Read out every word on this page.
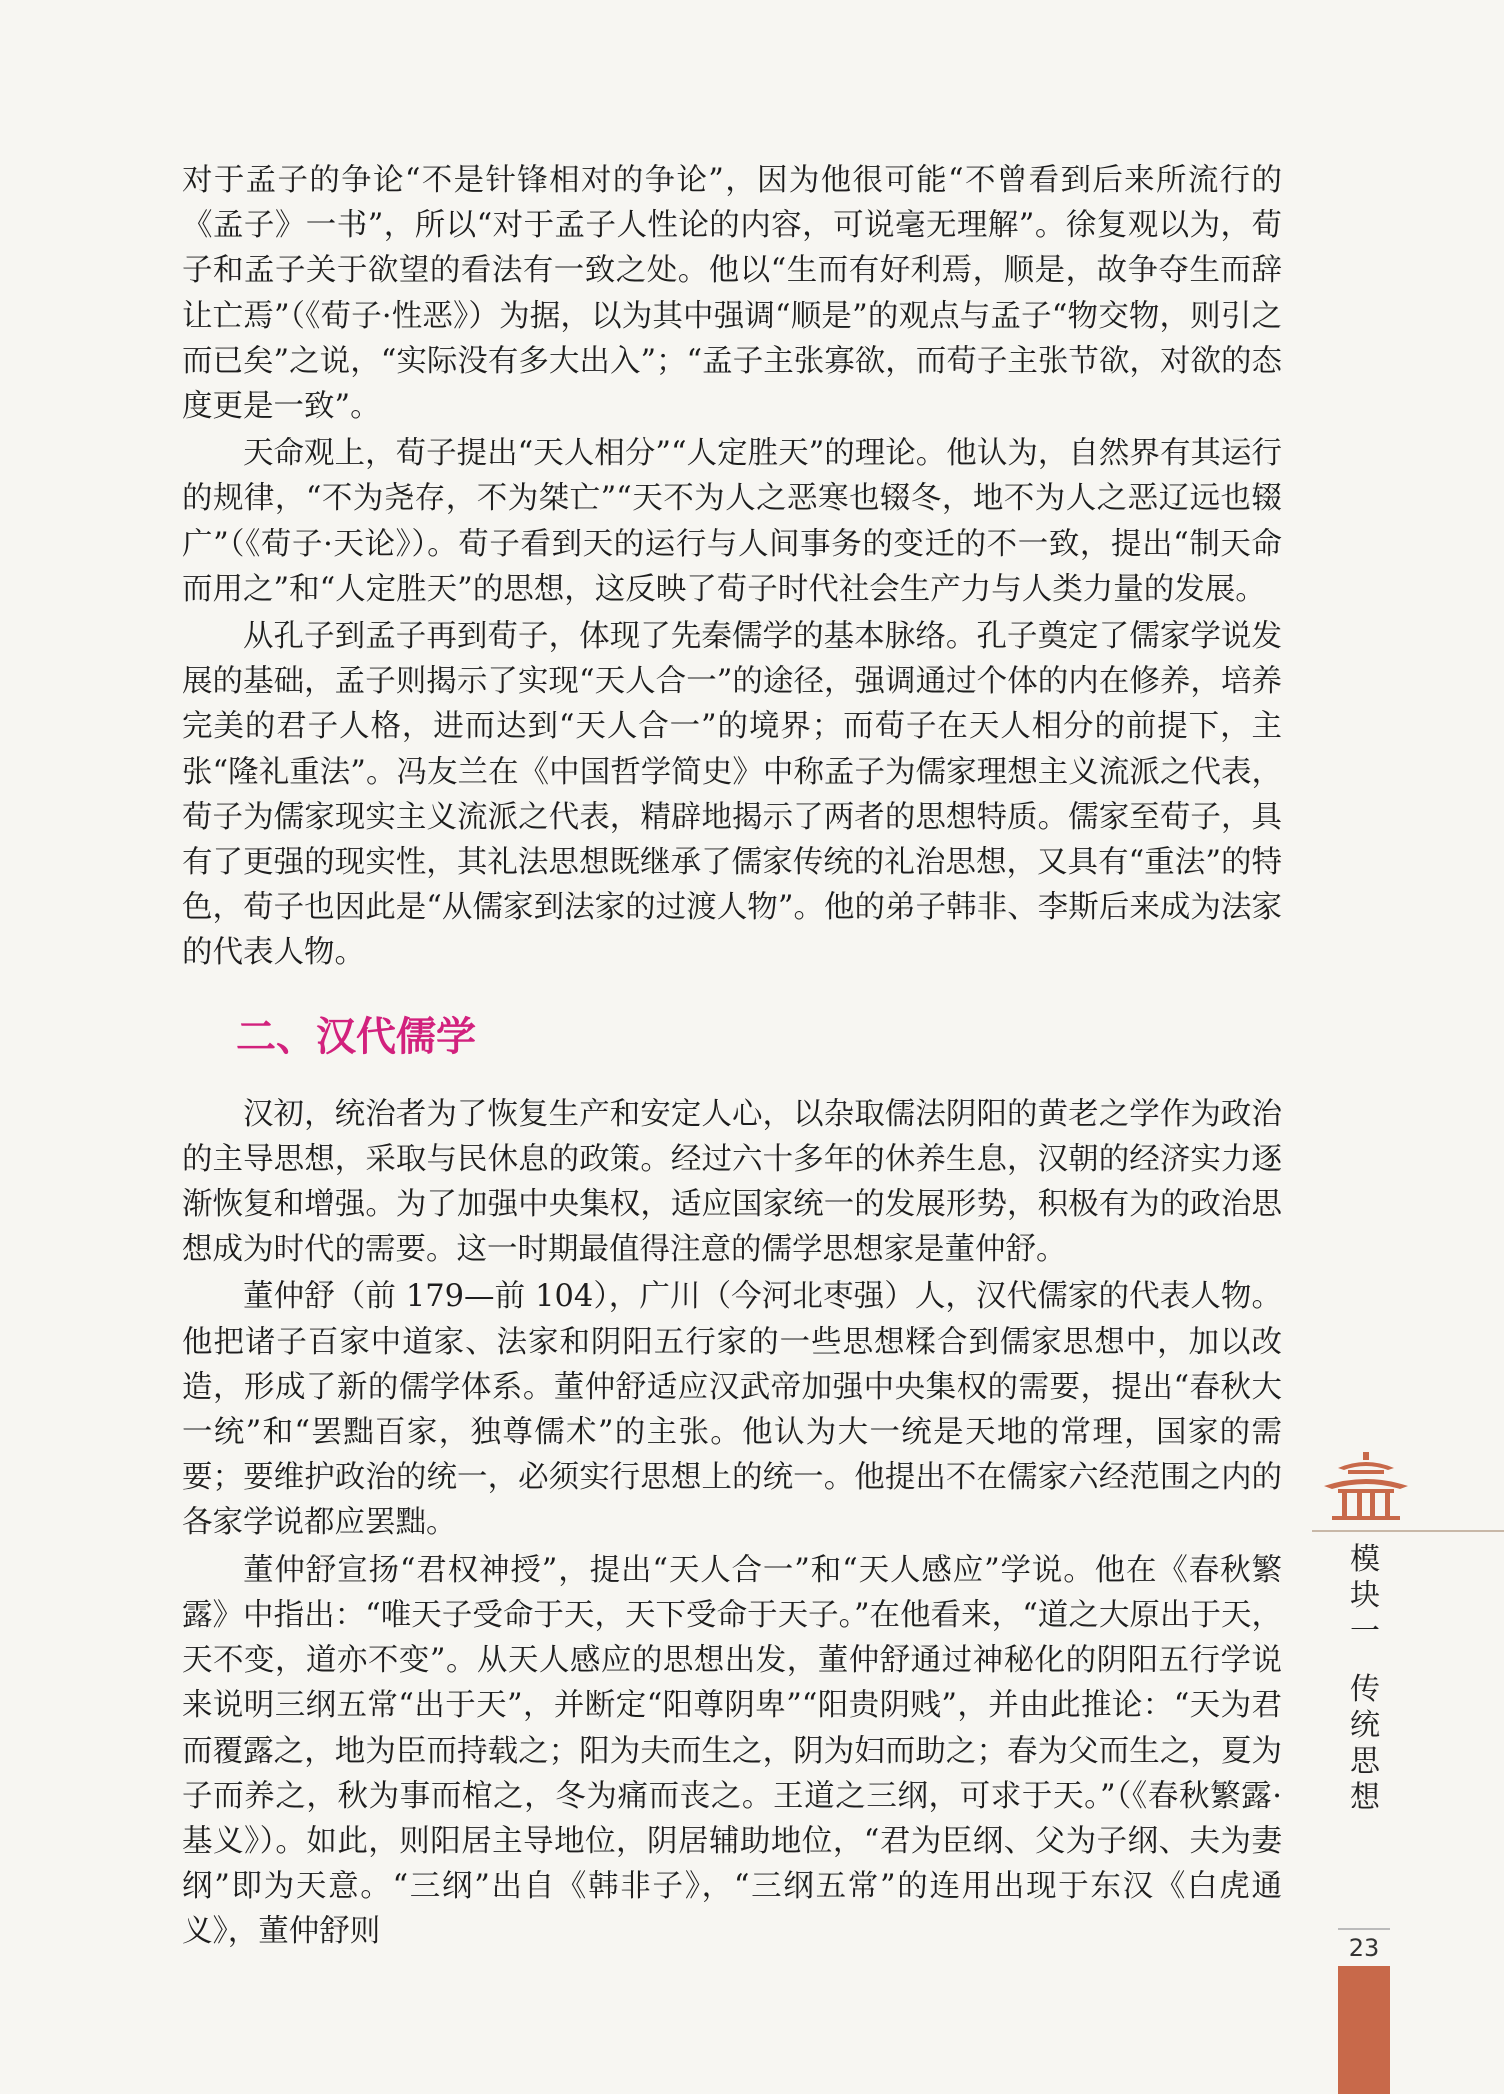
对于孟子的争论“不是针锋相对的争论”，因为他很可能“不曾看到后来所流行的《孟子》一书”，所以“对于孟子人性论的内容，可说毫无理解”。徐复观以为，荀子和孟子关于欲望的看法有一致之处。他以“生而有好利焉，顺是，故争夺生而辞让亡焉”（《荀子·性恶》）为据，以为其中强调“顺是”的观点与孟子“物交物，则引之而已矣”之说，“实际没有多大出入”；“孟子主张寡欲，而荀子主张节欲，对欲的态度更是一致”。

天命观上，荀子提出“天人相分”“人定胜天”的理论。他认为，自然界有其运行的规律，“不为尧存，不为桀亡”“天不为人之恶寒也辍冬，地不为人之恶辽远也辍广”（《荀子·天论》）。荀子看到天的运行与人间事务的变迁的不一致，提出“制天命而用之”和“人定胜天”的思想，这反映了荀子时代社会生产力与人类力量的发展。

从孔子到孟子再到荀子，体现了先秦儒学的基本脉络。孔子奠定了儒家学说发展的基础，孟子则揭示了实现“天人合一”的途径，强调通过个体的内在修养，培养完美的君子人格，进而达到“天人合一”的境界；而荀子在天人相分的前提下，主张“隆礼重法”。冯友兰在《中国哲学简史》中称孟子为儒家理想主义流派之代表，荀子为儒家现实主义流派之代表，精辟地揭示了两者的思想特质。儒家至荀子，具有了更强的现实性，其礼法思想既继承了儒家传统的礼治思想，又具有“重法”的特色，荀子也因此是“从儒家到法家的过渡人物”。他的弟子韩非、李斯后来成为法家的代表人物。

二、汉代儒学

汉初，统治者为了恢复生产和安定人心，以杂取儒法阴阳的黄老之学作为政治的主导思想，采取与民休息的政策。经过六十多年的休养生息，汉朝的经济实力逐渐恢复和增强。为了加强中央集权，适应国家统一的发展形势，积极有为的政治思想成为时代的需要。这一时期最值得注意的儒学思想家是董仲舒。

董仲舒（前 179—前 104），广川（今河北枣强）人，汉代儒家的代表人物。他把诸子百家中道家、法家和阴阳五行家的一些思想糅合到儒家思想中，加以改造，形成了新的儒学体系。董仲舒适应汉武帝加强中央集权的需要，提出“春秋大一统”和“罢黜百家，独尊儒术”的主张。他认为大一统是天地的常理，国家的需要；要维护政治的统一，必须实行思想上的统一。他提出不在儒家六经范围之内的各家学说都应罢黜。

董仲舒宣扬“君权神授”，提出“天人合一”和“天人感应”学说。他在《春秋繁露》中指出：“唯天子受命于天，天下受命于天子。”在他看来，“道之大原出于天，天不变，道亦不变”。从天人感应的思想出发，董仲舒通过神秘化的阴阳五行学说来说明三纲五常“出于天”，并断定“阳尊阴卑”“阳贵阴贱”，并由此推论：“天为君而覆露之，地为臣而持载之；阳为夫而生之，阴为妇而助之；春为父而生之，夏为子而养之，秋为事而棺之，冬为痛而丧之。王道之三纲，可求于天。”（《春秋繁露·基义》）。如此，则阳居主导地位，阴居辅助地位，“君为臣纲、父为子纲、夫为妻纲”即为天意。“三纲”出自《韩非子》，“三纲五常”的连用出现于东汉《白虎通义》，董仲舒则

模块一
传统思想
23
